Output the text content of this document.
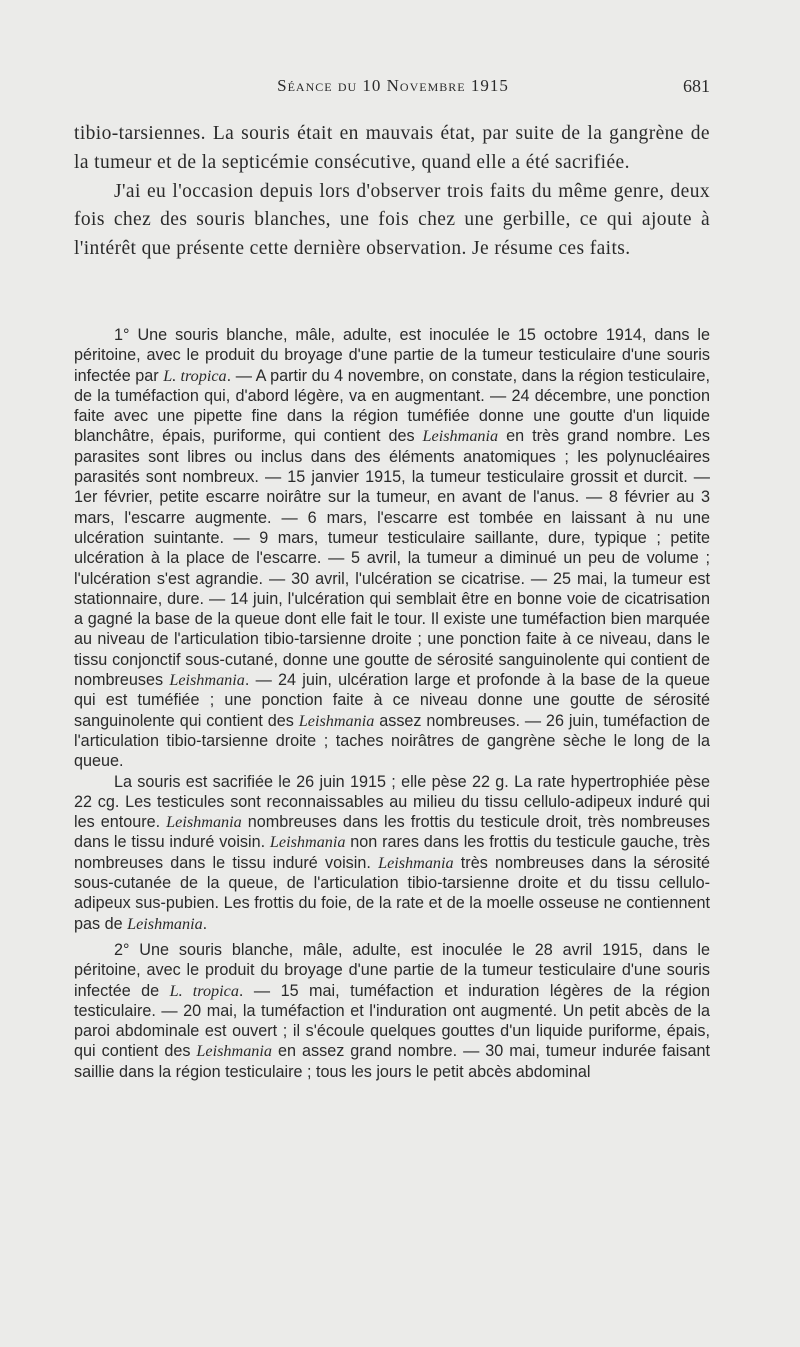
Séance du 10 Novembre 1915	681

tibio-tarsiennes. La souris était en mauvais état, par suite de la gangrène de la tumeur et de la septicémie consécutive, quand elle a été sacrifiée.

J'ai eu l'occasion depuis lors d'observer trois faits du même genre, deux fois chez des souris blanches, une fois chez une gerbille, ce qui ajoute à l'intérêt que présente cette dernière observation. Je résume ces faits.

1° Une souris blanche, mâle, adulte, est inoculée le 15 octobre 1914, dans le péritoine, avec le produit du broyage d'une partie de la tumeur testiculaire d'une souris infectée par L. tropica. — A partir du 4 novembre, on constate, dans la région testiculaire, de la tuméfaction qui, d'abord légère, va en augmentant. — 24 décembre, une ponction faite avec une pipette fine dans la région tuméfiée donne une goutte d'un liquide blanchâtre, épais, puriforme, qui contient des Leishmania en très grand nombre. Les parasites sont libres ou inclus dans des éléments anatomiques ; les polynucléaires parasités sont nombreux. — 15 janvier 1915, la tumeur testiculaire grossit et durcit. — 1er février, petite escarre noirâtre sur la tumeur, en avant de l'anus. — 8 février au 3 mars, l'escarre augmente. — 6 mars, l'escarre est tombée en laissant à nu une ulcération suintante. — 9 mars, tumeur testiculaire saillante, dure, typique ; petite ulcération à la place de l'escarre. — 5 avril, la tumeur a diminué un peu de volume ; l'ulcération s'est agrandie. — 30 avril, l'ulcération se cicatrise. — 25 mai, la tumeur est stationnaire, dure. — 14 juin, l'ulcération qui semblait être en bonne voie de cicatrisation a gagné la base de la queue dont elle fait le tour. Il existe une tuméfaction bien marquée au niveau de l'articulation tibio-tarsienne droite ; une ponction faite à ce niveau, dans le tissu conjonctif sous-cutané, donne une goutte de sérosité sanguinolente qui contient de nombreuses Leishmania. — 24 juin, ulcération large et profonde à la base de la queue qui est tuméfiée ; une ponction faite à ce niveau donne une goutte de sérosité sanguinolente qui contient des Leishmania assez nombreuses. — 26 juin, tuméfaction de l'articulation tibio-tarsienne droite ; taches noirâtres de gangrène sèche le long de la queue.

La souris est sacrifiée le 26 juin 1915 ; elle pèse 22 g. La rate hypertrophiée pèse 22 cg. Les testicules sont reconnaissables au milieu du tissu cellulo-adipeux induré qui les entoure. Leishmania nombreuses dans les frottis du testicule droit, très nombreuses dans le tissu induré voisin. Leishmania non rares dans les frottis du testicule gauche, très nombreuses dans le tissu induré voisin. Leishmania très nombreuses dans la sérosité sous-cutanée de la queue, de l'articulation tibio-tarsienne droite et du tissu cellulo-adipeux sus-pubien. Les frottis du foie, de la rate et de la moelle osseuse ne contiennent pas de Leishmania.

2° Une souris blanche, mâle, adulte, est inoculée le 28 avril 1915, dans le péritoine, avec le produit du broyage d'une partie de la tumeur testiculaire d'une souris infectée de L. tropica. — 15 mai, tuméfaction et induration légères de la région testiculaire. — 20 mai, la tuméfaction et l'induration ont augmenté. Un petit abcès de la paroi abdominale est ouvert ; il s'écoule quelques gouttes d'un liquide puriforme, épais, qui contient des Leishmania en assez grand nombre. — 30 mai, tumeur indurée faisant saillie dans la région testiculaire ; tous les jours le petit abcès abdominal
